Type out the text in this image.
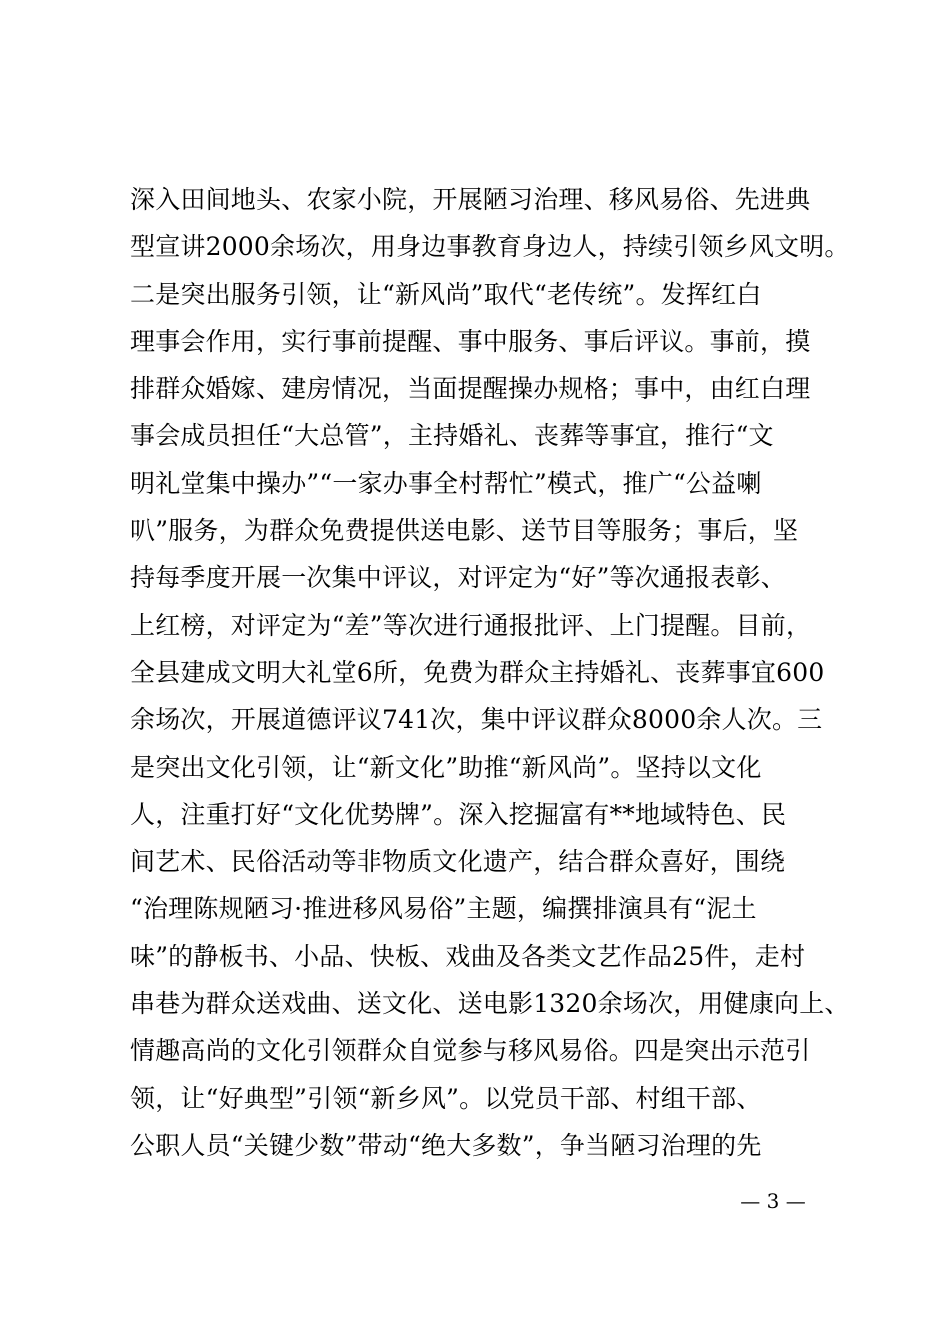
深入田间地头、农家小院，开展陋习治理、移风易俗、先进典
型宣讲2000余场次，用身边事教育身边人，持续引领乡风文明。
二是突出服务引领，让“新风尚”取代“老传统”。发挥红白
理事会作用，实行事前提醒、事中服务、事后评议。事前，摸
排群众婚嫁、建房情况，当面提醒操办规格；事中，由红白理
事会成员担任“大总管”，主持婚礼、丧葬等事宜，推行“文
明礼堂集中操办”“一家办事全村帮忙”模式，推广“公益喇
叭”服务，为群众免费提供送电影、送节目等服务；事后，坚
持每季度开展一次集中评议，对评定为“好”等次通报表彰、
上红榜，对评定为“差”等次进行通报批评、上门提醒。目前，
全县建成文明大礼堂6所，免费为群众主持婚礼、丧葬事宜600
余场次，开展道德评议741次，集中评议群众8000余人次。三
是突出文化引领，让“新文化”助推“新风尚”。坚持以文化
人，注重打好“文化优势牌”。深入挖掘富有**地域特色、民
间艺术、民俗活动等非物质文化遗产，结合群众喜好，围绕
“治理陈规陋习·推进移风易俗”主题，编撰排演具有“泥土
味”的静板书、小品、快板、戏曲及各类文艺作品25件，走村
串巷为群众送戏曲、送文化、送电影1320余场次，用健康向上、
情趣高尚的文化引领群众自觉参与移风易俗。四是突出示范引
领，让“好典型”引领“新乡风”。以党员干部、村组干部、
公职人员“关键少数”带动“绝大多数”，争当陋习治理的先
— 3 —
